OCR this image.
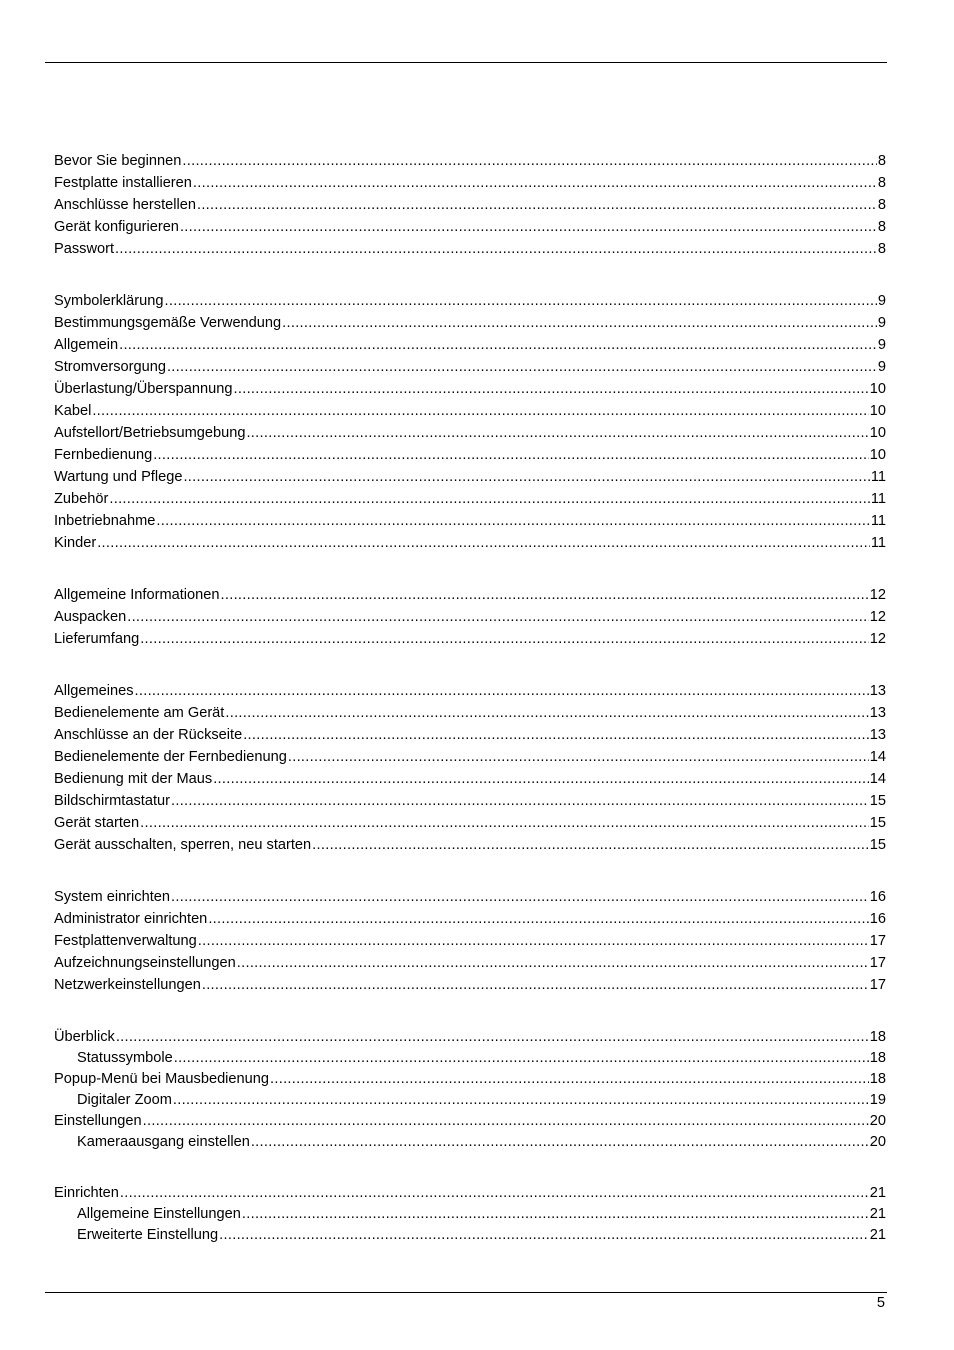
Bevor Sie beginnen .....	8
Festplatte installieren .....	8
Anschlüsse herstellen .....	8
Gerät konfigurieren .....	8
Passwort .....	8
Symbolerklärung .....	9
Bestimmungsgemäße Verwendung .....	9
Allgemein .....	9
Stromversorgung .....	9
Überlastung/Überspannung .....	10
Kabel .....	10
Aufstellort/Betriebsumgebung .....	10
Fernbedienung .....	10
Wartung und Pflege .....	11
Zubehör .....	11
Inbetriebnahme .....	11
Kinder .....	11
Allgemeine Informationen .....	12
Auspacken .....	12
Lieferumfang .....	12
Allgemeines .....	13
Bedienelemente am Gerät .....	13
Anschlüsse an der Rückseite .....	13
Bedienelemente der Fernbedienung .....	14
Bedienung mit der Maus .....	14
Bildschirmtastatur .....	15
Gerät starten .....	15
Gerät ausschalten, sperren, neu starten .....	15
System einrichten .....	16
Administrator einrichten .....	16
Festplattenverwaltung .....	17
Aufzeichnungseinstellungen .....	17
Netzwerkeinstellungen .....	17
Überblick .....	18
Statussymbole .....	18
Popup-Menü bei Mausbedienung .....	18
Digitaler Zoom .....	19
Einstellungen .....	20
Kameraausgang einstellen .....	20
Einrichten .....	21
Allgemeine Einstellungen .....	21
Erweiterte Einstellung .....	21
5
